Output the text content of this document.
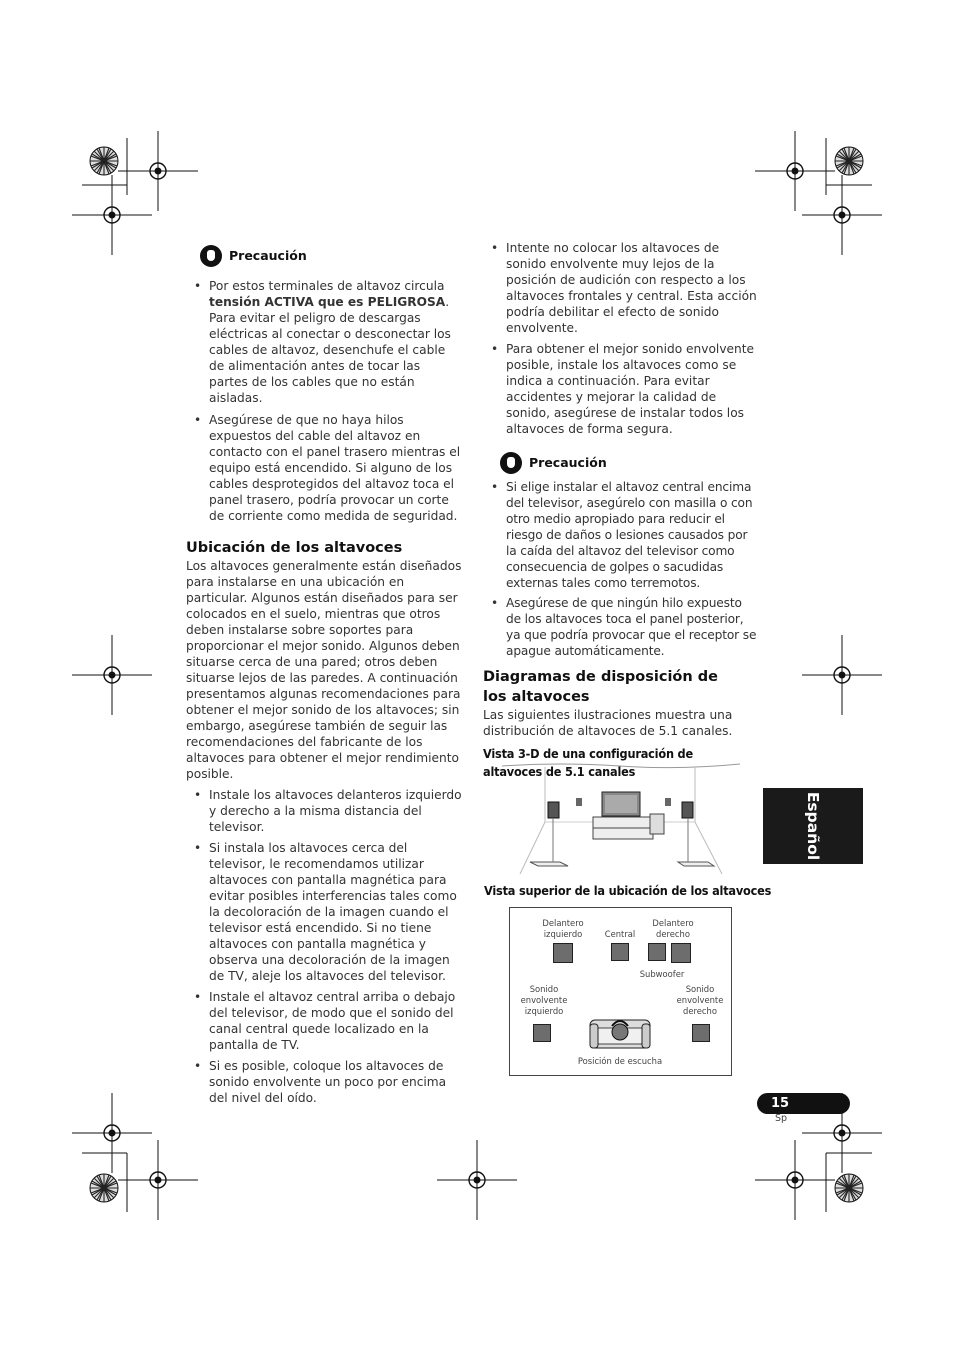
Precaución
• Por estos terminales de altavoz circula tensión ACTIVA que es PELIGROSA. Para evitar el peligro de descargas eléctricas al conectar o desconectar los cables de altavoz, desenchufe el cable de alimentación antes de tocar las partes de los cables que no están aisladas.
• Asegúrese de que no haya hilos expuestos del cable del altavoz en contacto con el panel trasero mientras el equipo está encendido. Si alguno de los cables desprotegidos del altavoz toca el panel trasero, podría provocar un corte de corriente como medida de seguridad.
Ubicación de los altavoces

Los altavoces generalmente están diseñados para instalarse en una ubicación en particular. Algunos están diseñados para ser colocados en el suelo, mientras que otros deben instalarse sobre soportes para proporcionar el mejor sonido. Algunos deben situarse cerca de una pared; otros deben situarse lejos de las paredes. A continuación presentamos algunas recomendaciones para obtener el mejor sonido de los altavoces; sin embargo, asegúrese también de seguir las recomendaciones del fabricante de los altavoces para obtener el mejor rendimiento posible.

• Instale los altavoces delanteros izquierdo y derecho a la misma distancia del televisor.
• Si instala los altavoces cerca del televisor, le recomendamos utilizar altavoces con pantalla magnética para evitar posibles interferencias tales como la decoloración de la imagen cuando el televisor está encendido. Si no tiene altavoces con pantalla magnética y observa una decoloración de la imagen de TV, aleje los altavoces del televisor.
• Instale el altavoz central arriba o debajo del televisor, de modo que el sonido del canal central quede localizado en la pantalla de TV.
• Si es posible, coloque los altavoces de sonido envolvente un poco por encima del nivel del oído.
• Intente no colocar los altavoces de sonido envolvente muy lejos de la posición de audición con respecto a los altavoces frontales y central. Esta acción podría debilitar el efecto de sonido envolvente.
• Para obtener el mejor sonido envolvente posible, instale los altavoces como se indica a continuación. Para evitar accidentes y mejorar la calidad de sonido, asegúrese de instalar todos los altavoces de forma segura.
Precaución
• Si elige instalar el altavoz central encima del televisor, asegúrelo con masilla o con otro medio apropiado para reducir el riesgo de daños o lesiones causados por la caída del altavoz del televisor como consecuencia de golpes o sacudidas externas tales como terremotos.
• Asegúrese de que ningún hilo expuesto de los altavoces toca el panel posterior, ya que podría provocar que el receptor se apague automáticamente.
Diagramas de disposición de los altavoces

Las siguientes ilustraciones muestra una distribución de altavoces de 5.1 canales.

Vista 3-D de una configuración de altavoces de 5.1 canales
Vista superior de la ubicación de los altavoces
Delantero izquierdo	Central
Delantero derecho
Subwoofer
Sonido envolvente izquierdo
Sonido envolvente derecho
Posición de escucha
Español
15
Sp
